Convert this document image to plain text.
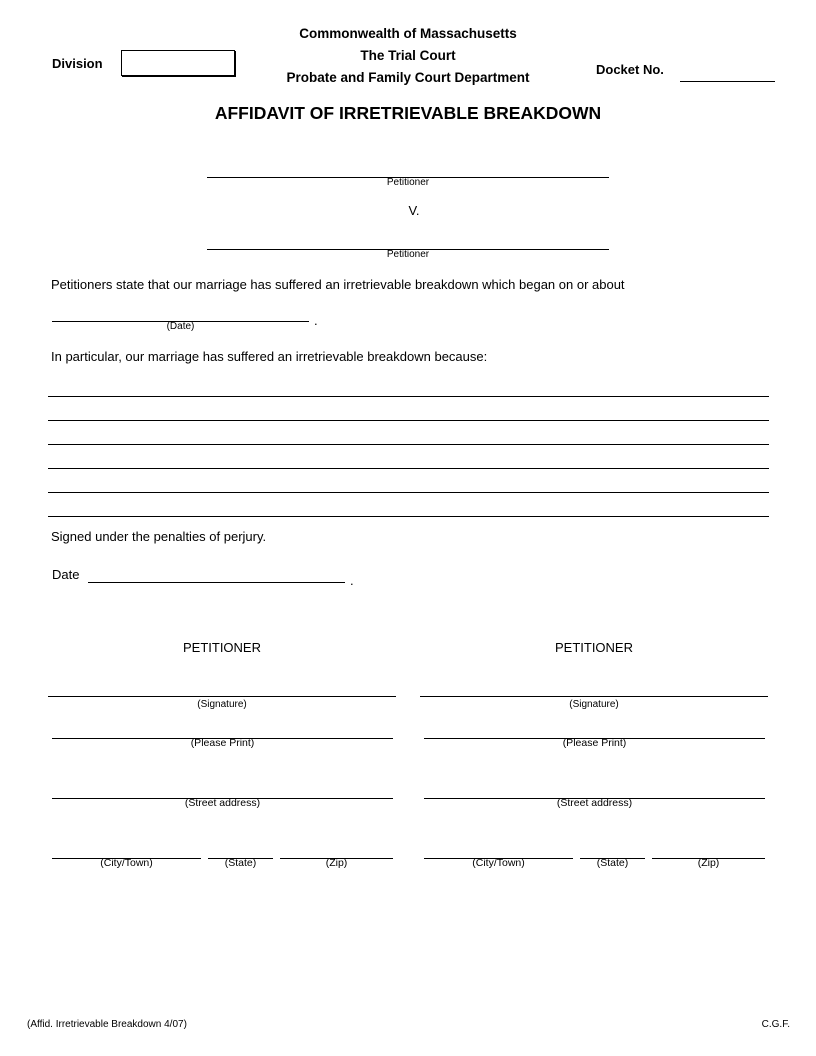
Commonwealth of Massachusetts
The Trial Court
Probate and Family Court Department
Division	Docket No.
AFFIDAVIT OF IRRETRIEVABLE BREAKDOWN
Petitioner
V.
Petitioner
Petitioners state that our marriage has suffered an irretrievable breakdown which began on or about
.
(Date)
In particular, our marriage has suffered an irretrievable breakdown because:
Signed under the penalties of perjury.
Date	.
PETITIONER
(Signature)
(Please Print)
(Street address)
(City/Town)	(State)	(Zip)
PETITIONER
(Signature)
(Please Print)
(Street address)
(City/Town)	(State)	(Zip)
(Affid. Irretrievable Breakdown 4/07)	C.G.F.
